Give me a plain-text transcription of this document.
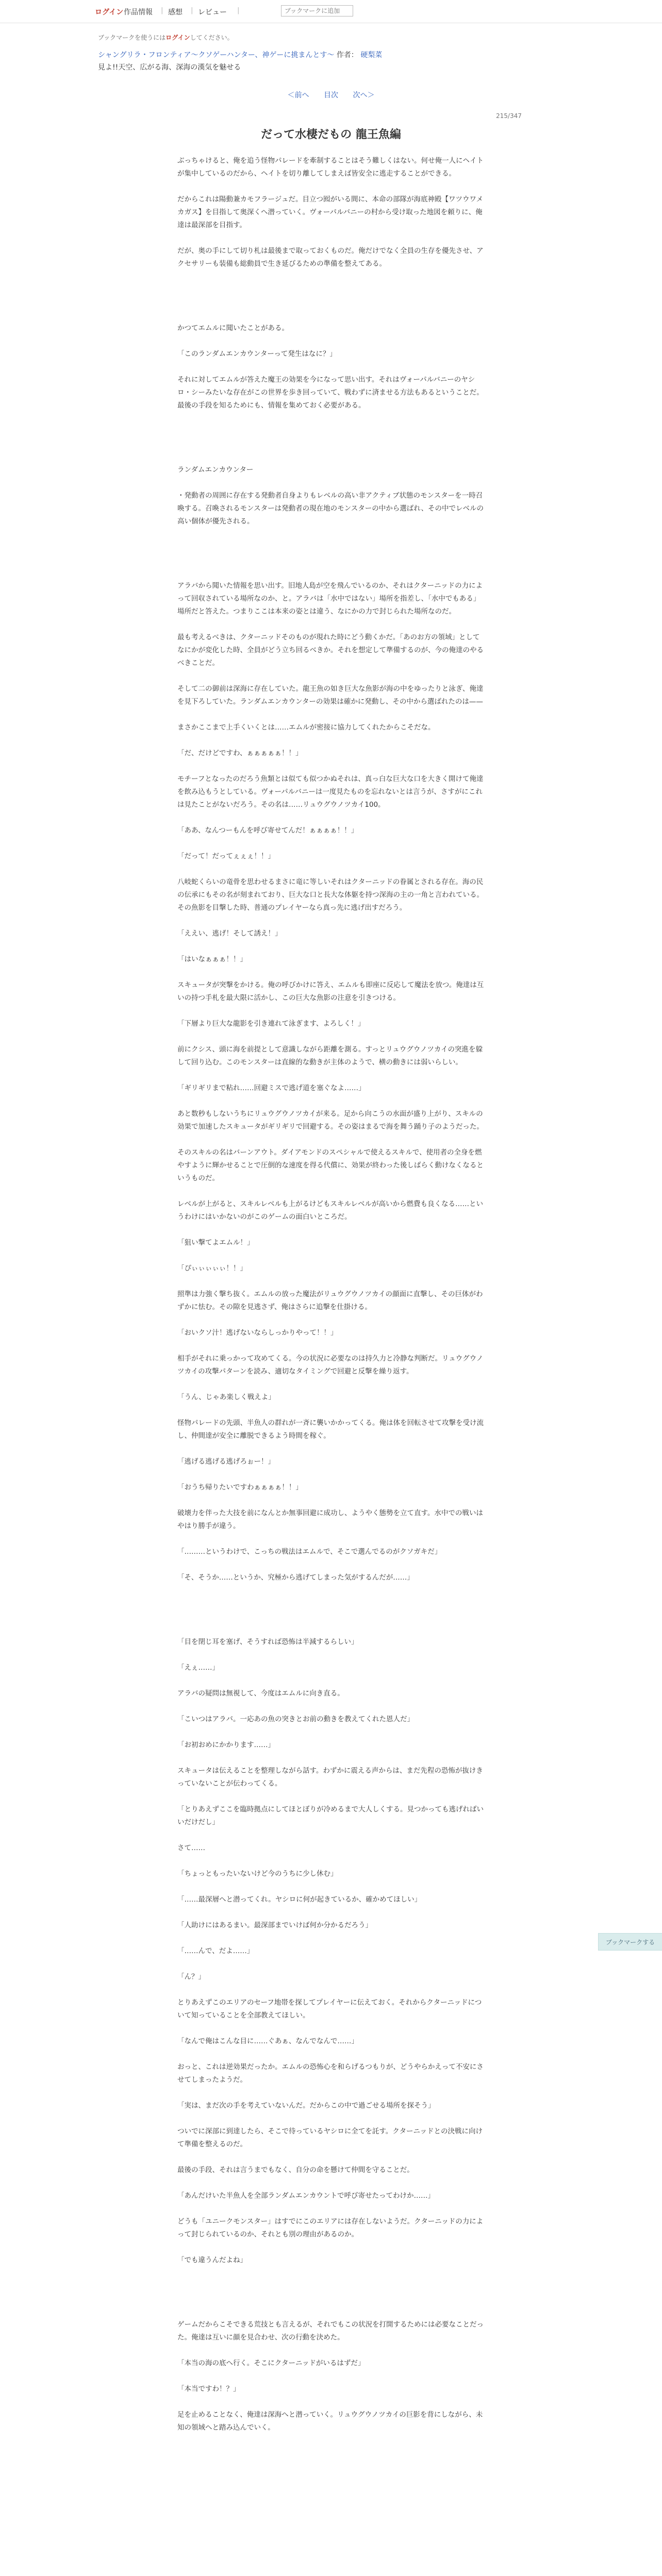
ログイン 作品情報 | 感想 | レビュー |
ブックマークに追加
ブックマークを使うにはログインしてください。
シャングリラ・フロンティア〜クソゲーハンター、神ゲーに挑まんとす〜 作者： 硬梨菜
見よ!!天空、広がる海、深海の漢気を魅せる
＜前へ 目次 次へ＞
215/347
だって水棲だもの 龍王魚編

ぶっちゃけると、俺を追う怪物パレードを牽制することはそう難しくはない。何せ俺一人にヘイトが集中しているのだから、ヘイトを切り離してしまえば皆安全に逃走することができる。

だからこれは陽動兼カモフラージュだ。目立つ囮がいる間に、本命の部隊が海底神殿【ワツウワメカガス】を目指して奥深くへ潜っていく。ヴォーパルバニーの村から受け取った地図を頼りに、俺達は最深部を目指す。

だが、奥の手にして切り札は最後まで取っておくものだ。俺だけでなく全員の生存を優先させ、アクセサリーも装備も総動員で生き延びるための準備を整えてある。

かつてエムルに聞いたことがある。

「このランダムエンカウンターって発生はなに？」

それに対してエムルが答えた魔王の効果を今になって思い出す。それはヴォーパルバニーのヤシロ・シーみたいな存在がこの世界を歩き回っていて、戦わずに済ませる方法もあるということだ。最後の手段を知るためにも、情報を集めておく必要がある。

ランダムエンカウンター

・発動者の周囲に存在する発動者自身よりもレベルの高い非アクティブ状態のモンスターを一時召喚する。召喚されるモンスターは発動者の現在地のモンスターの中から選ばれ、その中でレベルの高い個体が優先される。

アラバから聞いた情報を思い出す。旧地人島が空を飛んでいるのか、それはクターニッドの力によって回収されている場所なのか、と。アラバは「水中ではない」場所を指差し、「水中でもある」場所だと答えた。つまりここは本来の姿とは違う、なにかの力で封じられた場所なのだ。

最も考えるべきは、クターニッドそのものが現れた時にどう動くかだ。「あのお方の領域」としてなにかが変化した時、全員がどう立ち回るべきか。それを想定して準備するのが、今の俺達のやるべきことだ。

そして二の御前は深海に存在していた。龍王魚の如き巨大な魚影が海の中をゆったりと泳ぎ、俺達を見下ろしていた。ランダムエンカウンターの効果は確かに発動し、その中から選ばれたのは——

まさかここまで上手くいくとは……エムルが密接に協力してくれたからこそだな。

「だ、だけどですわ、ぁぁぁぁぁ！！」

モチーフとなったのだろう魚類とは似ても似つかぬそれは、真っ白な巨大な口を大きく開けて俺達を飲み込もうとしている。ヴォーパルバニーは一度見たものを忘れないとは言うが、さすがにこれは見たことがないだろう。その名は……リュウグウノツカイ100。

「ああ、なんつーもんを呼び寄せてんだ！ぁぁぁぁ！！」

「だって！だってぇぇぇ！！」

八岐蛇くらいの竜骨を思わせるまさに竜に等しいそれはクターニッドの眷属とされる存在。海の民の伝承にもその名が刻まれており、巨大な口と長大な体躯を持つ深海の主の一角と言われている。その魚影を目撃した時、普通のプレイヤーなら真っ先に逃げ出すだろう。

「ええい、逃げ！そして誘え！」

「はいなぁぁぁ！！」

スキュータが突撃をかける。俺の呼びかけに答え、エムルも即座に反応して魔法を放つ。俺達は互いの持つ手札を最大限に活かし、この巨大な魚影の注意を引きつける。

「下層より巨大な龍影を引き連れて泳ぎます、よろしく！」

前にクシス、頭に海を前提として意識しながら距離を測る。すっとリュウグウノツカイの突進を躱して回り込む。このモンスターは直線的な動きが主体のようで、横の動きには弱いらしい。

「ギリギリまで粘れ……回避ミスで逃げ道を塞ぐなよ……」

あと数秒もしないうちにリュウグウノツカイが来る。足から向こうの水面が盛り上がり、スキルの効果で加速したスキュータがギリギリで回避する。その姿はまるで海を舞う踊り子のようだった。

そのスキルの名はバーンアウト。ダイアモンドのスペシャルで使えるスキルで、使用者の全身を燃やすように輝かせることで圧倒的な速度を得る代償に、効果が終わった後しばらく動けなくなるというものだ。

レベルが上がると、スキルレベルも上がるけどもスキルレベルが高いから燃費も良くなる……というわけにはいかないのがこのゲームの面白いところだ。

「狙い撃てよエムル！」

「ぴぃぃぃぃぃ！！」

照準は力強く撃ち抜く。エムルの放った魔法がリュウグウノツカイの顔面に直撃し、その巨体がわずかに怯む。その隙を見逃さず、俺はさらに追撃を仕掛ける。

「おいクソ汁！逃げないならしっかりやって！！」

相手がそれに乗っかって攻めてくる。今の状況に必要なのは持久力と冷静な判断だ。リュウグウノツカイの攻撃パターンを読み、適切なタイミングで回避と反撃を繰り返す。

「うん、じゃあ楽しく戦えよ」

怪物パレードの先頭、半魚人の群れが一斉に襲いかかってくる。俺は体を回転させて攻撃を受け流し、仲間達が安全に離脱できるよう時間を稼ぐ。

「逃げる逃げる逃げろぉー！」

「おうち帰りたいですわぁぁぁぁ！！」

破壊力を伴った大技を前になんとか無事回避に成功し、ようやく態勢を立て直す。水中での戦いはやはり勝手が違う。

「………というわけで、こっちの戦法はエムルで、そこで選んでるのがクソガキだ」

「そ、そうか……というか、究極から逃げてしまった気がするんだが……」

「目を閉じ耳を塞げ、そうすれば恐怖は半減するらしい」

「えぇ……」

アラバの疑問は無視して、今度はエムルに向き直る。

「こいつはアラバ。一応あの魚の突きとお前の動きを教えてくれた恩人だ」

「お初おめにかかります……」

スキュータは伝えることを整理しながら話す。わずかに震える声からは、まだ先程の恐怖が抜けきっていないことが伝わってくる。

「とりあえずここを臨時拠点にしてほとぼりが冷めるまで大人しくする。見つかっても逃げればいいだけだし」

さて……

「ちょっともったいないけど今のうちに少し休む」

「……最深層へと潜ってくれ。ヤシロに何が起きているか、確かめてほしい」

「人助けにはあるまい。最深部までいけば何か分かるだろう」

「……んで、だよ……」

「ん？」

とりあえずこのエリアのセーフ地帯を探してプレイヤーに伝えておく。それからクターニッドについて知っていることを全部教えてほしい。

「なんで俺はこんな目に……ぐあぁ、なんでなんで……」

おっと、これは逆効果だったか。エムルの恐怖心を和らげるつもりが、どうやらかえって不安にさせてしまったようだ。

「実は、まだ次の手を考えていないんだ。だからこの中で過ごせる場所を探そう」

ついでに深部に到達したら、そこで待っているヤシロに全てを託す。クターニッドとの決戦に向けて準備を整えるのだ。

最後の手段、それは言うまでもなく、自分の命を懸けて仲間を守ることだ。

「あんだけいた半魚人を全部ランダムエンカウントで呼び寄せたってわけか……」

どうも「ユニークモンスター」はすでにこのエリアには存在しないようだ。クターニッドの力によって封じられているのか、それとも別の理由があるのか。

「でも違うんだよね」

ゲームだからこそできる荒技とも言えるが、それでもこの状況を打開するためには必要なことだった。俺達は互いに顔を見合わせ、次の行動を決めた。

「本当の海の底へ行く。そこにクターニッドがいるはずだ」

「本当ですわ！？」

足を止めることなく、俺達は深海へと潜っていく。リュウグウノツカイの巨影を背にしながら、未知の領域へと踏み込んでいく。

ブックマークする
